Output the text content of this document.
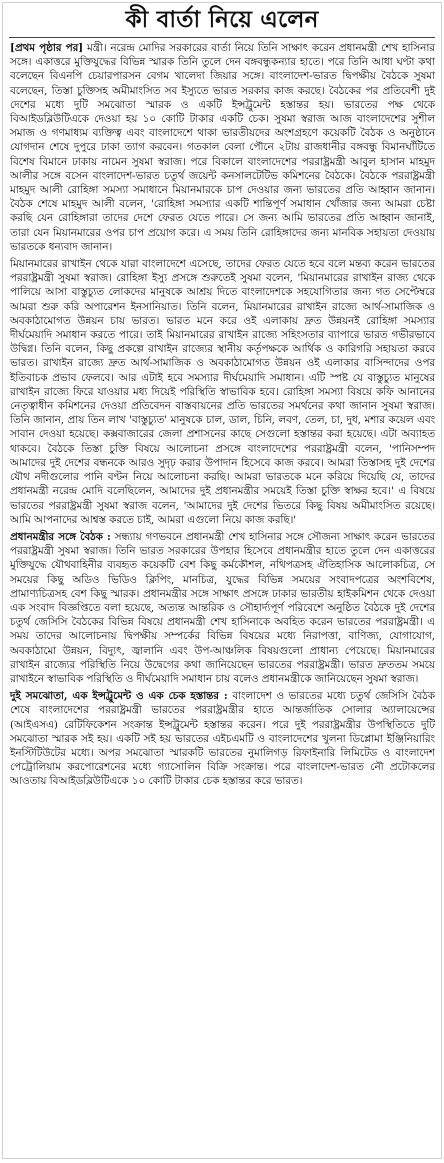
কী বার্তা নিয়ে এলেন

[প্রথম পৃষ্ঠার পর] মন্ত্রী। নরেন্দ্র মোদির সরকারের বার্তা নিয়ে তিনি সাক্ষাৎ করেন প্রধানমন্ত্রী শেখ হাসিনার সঙ্গে। একাত্তরে মুক্তিযুদ্ধের বিভিন্ন স্মারক তিনি তুলে দেন বঙ্গবন্ধুকন্যার হাতে। পরে তিনি আধা ঘণ্টা কথা বলেছেন বিএনপি চেয়ারপারসন বেগম খালেদা জিয়ার সঙ্গে। বাংলাদেশ-ভারত দ্বিপক্ষীয় বৈঠকে সুষমা বলেছেন, তিস্তা চুক্তিসহ অমীমাংসিত সব ইস্যুতে ভারত সরকার কাজ করছে। বৈঠকের পর প্রতিবেশী দুই দেশের মধ্যে দুটি সমঝোতা স্মারক ও একটি ইন্সট্রুমেন্ট হস্তান্তর হয়। ভারতের পক্ষ থেকে বিআইডব্লিউটিএকে দেওয়া হয় ১০ কোটি টাকার একটি চেক। সুষমা স্বরাজ আজ বাংলাদেশের সুশীল সমাজ ও গণমাধ্যম ব্যক্তিত্ব এবং বাংলাদেশে থাকা ভারতীয়দের অংশগ্রহণে কয়েকটি বৈঠক ও অনুষ্ঠানে যোগদান শেষে দুপুরে ঢাকা ত্যাগ করবেন। গতকাল বেলা পৌনে ২টায় রাজধানীর বঙ্গবন্ধু বিমানঘাঁটিতে বিশেষ বিমানে ঢাকায় নামেন সুষমা স্বরাজ। পরে বিকালে বাংলাদেশের পররাষ্ট্রমন্ত্রী আবুল হাসান মাহমুদ আলীর সঙ্গে বসেন বাংলাদেশ-ভারত চতুর্থ জয়েন্ট কনসালটেটিভ কমিশনের বৈঠকে। বৈঠকে পররাষ্ট্রমন্ত্রী মাহমুদ আলী রোহিঙ্গা সমস্যা সমাধানে মিয়ানমারকে চাপ দেওয়ার জন্য ভারতের প্রতি আহ্বান জানান। বৈঠক শেষে মাহমুদ আলী বলেন, 'রোহিঙ্গা সমস্যার একটি শান্তিপূর্ণ সমাধান খোঁজার জন্য আমরা চেষ্টা করছি যেন রোহিঙ্গারা তাদের দেশে ফেরত যেতে পারে। সে জন্য আমি ভারতের প্রতি আহ্বান জানাই, তারা যেন মিয়ানমারের ওপর চাপ প্রয়োগ করে। এ সময় তিনি রোহিঙ্গাদের জন্য মানবিক সহায়তা দেওয়ায় ভারতকে ধন্যবাদ জানান।

মিয়ানমারের রাখাইন থেকে যারা বাংলাদেশে এসেছে, তাদের ফেরত যেতে হবে বলে মন্তব্য করেন ভারতের পররাষ্ট্রমন্ত্রী সুষমা স্বরাজ। রোহিঙ্গা ইস্যু প্রসঙ্গে শুরুতেই সুষমা বলেন, 'মিয়ানমারের রাখাইন রাজ্য থেকে পালিয়ে আসা বাস্তুচ্যুত লোকদের মানুষকে আশ্রয় দিতে বাংলাদেশকে সহযোগিতার জন্য গত সেপ্টেম্বরে আমরা শুরু করি অপারেশন ইনসানিয়াত। তিনি বলেন, মিয়ানমারের রাখাইন রাজ্যে আর্থ-সামাজিক ও অবকাঠামোগত উন্নয়ন চায় ভারত। ভারত মনে করে ওই এলাকায় দ্রুত উন্নয়নই রোহিঙ্গা সমস্যার দীর্ঘমেয়াদি সমাধান করতে পারে। তাই মিয়ানমারের রাখাইন রাজ্যে সহিংসতার ব্যাপারে ভারত গভীরভাবে উদ্বিগ্ন। তিনি বলেন, কিছু প্রকল্পে রাখাইন রাজ্যের স্থানীয় কর্তৃপক্ষকে আর্থিক ও কারিগরি সহায়তা করবে ভারত। রাখাইন রাজ্যে দ্রুত আর্থ-সামাজিক ও অবকাঠামোগত উন্নয়ন ওই এলাকার বাসিন্দাদের ওপর ইতিবাচক প্রভাব ফেলবে। আর এটাই হবে সমস্যার দীর্ঘমেয়াদি সমাধান। এটি স্পষ্ট যে বাস্তুচ্যুত মানুষের রাখাইন রাজ্যে ফিরে যাওয়ার মধ্য দিয়েই পরিস্থিতি স্বাভাবিক হবে। রোহিঙ্গা সমস্যা বিষয়ে কফি আনানের নেতৃত্বাধীন কমিশনের দেওয়া প্রতিবেদন বাস্তবায়নের প্রতি ভারতের সমর্থনের কথা জানান সুষমা স্বরাজ। তিনি জানান, প্রায় তিন লাখ 'বাস্তুচ্যুত' মানুষকে চাল, ডাল, চিনি, লবণ, তেল, চা, দুধ, মশার কয়েল এবং সাবান দেওয়া হয়েছে। কক্সবাজারের জেলা প্রশাসনের কাছে সেগুলো হস্তান্তর করা হয়েছে। এটা অব্যাহত থাকবে। বৈঠকে তিস্তা চুক্তি বিষয়ে আলোচনা প্রসঙ্গে বাংলাদেশের পররাষ্ট্রমন্ত্রী বলেন, 'পানিসম্পদ আমাদের দুই দেশের বন্ধনকে আরও সুদৃঢ় করার উপাদান হিসেবে কাজ করবে। আমরা তিস্তাসহ দুই দেশের যৌথ নদীগুলোর পানি বণ্টন নিয়ে আলোচনা করছি। আমরা ভারতকে মনে করিয়ে দিয়েছি যে, তাদের প্রধানমন্ত্রী নরেন্দ্র মোদি বলেছিলেন, আমাদের দুই প্রধানমন্ত্রীর সময়েই তিস্তা চুক্তি স্বাক্ষর হবে।' এ বিষয়ে ভারতের পররাষ্ট্রমন্ত্রী সুষমা স্বরাজ বলেন, 'আমাদের দুই দেশের ভিতরে কিছু বিষয় অমীমাংসিত রয়েছে। আমি আপনাদের আশ্বস্ত করতে চাই, আমরা এগুলো নিয়ে কাজ করছি।'

প্রধানমন্ত্রীর সঙ্গে বৈঠক : সন্ধ্যায় গণভবনে প্রধানমন্ত্রী শেখ হাসিনার সঙ্গে সৌজন্য সাক্ষাৎ করেন ভারতের পররাষ্ট্রমন্ত্রী সুষমা স্বরাজ। তিনি ভারত সরকারের উপহার হিসেবে প্রধানমন্ত্রীর হাতে তুলে দেন একাত্তরের মুক্তিযুদ্ধে যৌথবাহিনীর ব্যবহৃত কয়েকটি বেশ কিছু কর্মকৌশল, নথিপত্রসহ ঐতিহাসিক আলোকচিত্র, সে সময়ের কিছু অডিও ভিডিও ক্লিপিং, মানচিত্র, যুদ্ধের বিভিন্ন সময়ের সংবাদপত্রের অংশবিশেষ, প্রামাণ্যচিত্রসহ বেশ কিছু স্মারক। প্রধানমন্ত্রীর সঙ্গে সাক্ষাৎ প্রসঙ্গে ঢাকার ভারতীয় হাইকমিশন থেকে দেওয়া এক সংবাদ বিজ্ঞপ্তিতে বলা হয়েছে, অত্যন্ত আন্তরিক ও সৌহার্দ্যপূর্ণ পরিবেশে অনুষ্ঠিত বৈঠকে দুই দেশের চতুর্থ জেসিসি বৈঠকের বিভিন্ন বিষয়ে প্রধানমন্ত্রী শেখ হাসিনাকে অবহিত করেন ভারতের পররাষ্ট্রমন্ত্রী। এ সময় তাদের আলোচনায় দ্বিপক্ষীয় সম্পর্কের বিভিন্ন বিষয়ের মধ্যে নিরাপত্তা, বাণিজ্য, যোগাযোগ, অবকাঠামো উন্নয়ন, বিদ্যুৎ, জ্বালানি এবং উপ-আঞ্চলিক বিষয়গুলো প্রাধান্য পেয়েছে। মিয়ানমারের রাখাইন রাজ্যের পরিস্থিতি নিয়ে উদ্বেগের কথা জানিয়েছেন ভারতের পররাষ্ট্রমন্ত্রী। ভারত দ্রুততম সময়ে রাখাইনে স্বাভাবিক পরিস্থিতি ও দীর্ঘমেয়াদি সমাধান চায় বলেও প্রধানমন্ত্রীকে জানিয়েছেন সুষমা স্বরাজ।

দুই সমঝোতা, এক ইন্সট্রুমেন্ট ও এক চেক হস্তান্তর : বাংলাদেশ ও ভারতের মধ্যে চতুর্থ জেসিসি বৈঠক শেষে বাংলাদেশের পররাষ্ট্রমন্ত্রী ভারতের পররাষ্ট্রমন্ত্রীর হাতে আন্তর্জাতিক সোলার অ্যালায়েন্সের (আইএসএ) রেটিফিকেশন সংক্রান্ত ইন্সট্রুমেন্ট হস্তান্তর করেন। পরে দুই পররাষ্ট্রমন্ত্রীর উপস্থিতিতে দুটি সমঝোতা স্মারক সই হয়। একটি সই হয় ভারতের এইচএমটি ও বাংলাদেশের খুলনা ডিপ্লোমা ইঞ্জিনিয়ারিং ইনস্টিটিউটের মধ্যে। অপর সমঝোতা স্মারকটি ভারতের নুমালিগড় রিফাইনারি লিমিটেড ও বাংলাদেশ পেট্রোলিয়াম করপোরেশনের মধ্যে গ্যাসোলিন বিক্রি সংক্রান্ত। পরে বাংলাদেশ-ভারত নৌ প্রটোকলের আওতায় বিআইডব্লিউটিএকে ১০ কোটি টাকার চেক হস্তান্তর করে ভারত।
